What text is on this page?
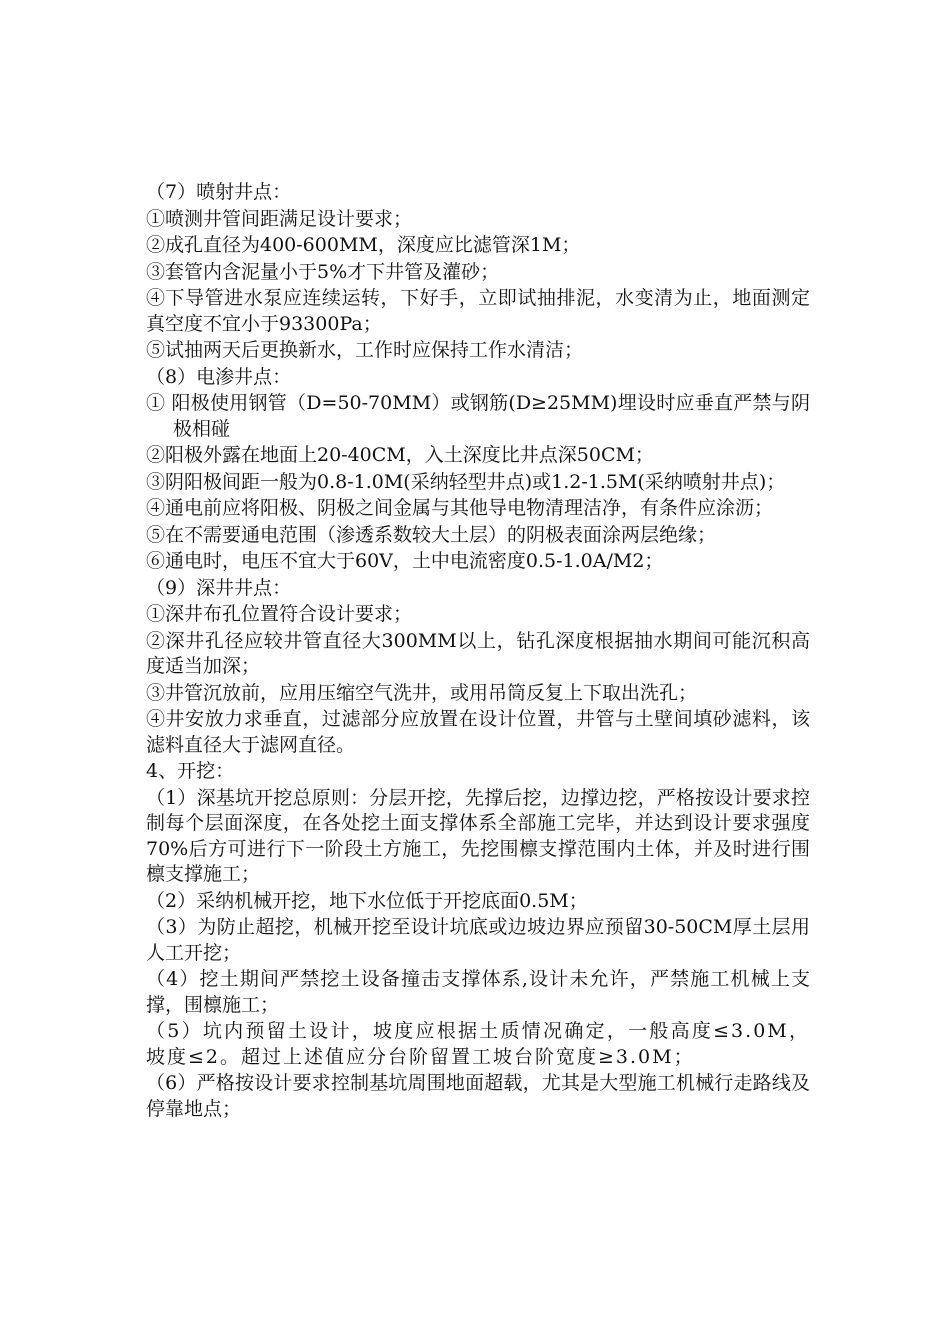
（7）喷射井点：

①喷测井管间距满足设计要求；

②成孔直径为400-600MM，深度应比滤管深1M；

③套管内含泥量小于5%才下井管及灌砂；

④下导管进水泵应连续运转，下好手，立即试抽排泥，水变清为止，地面测定真空度不宜小于93300Pa；

⑤试抽两天后更换新水，工作时应保持工作水清洁；

（8）电渗井点：

① 阳极使用钢管（D=50-70MM）或钢筋(D≥25MM)埋设时应垂直严禁与阴极相碰

②阳极外露在地面上20-40CM，入土深度比井点深50CM；

③阴阳极间距一般为0.8-1.0M(采纳轻型井点)或1.2-1.5M(采纳喷射井点)；

④通电前应将阳极、阴极之间金属与其他导电物清理洁净，有条件应涂沥；

⑤在不需要通电范围（渗透系数较大土层）的阴极表面涂两层绝缘；

⑥通电时，电压不宜大于60V，土中电流密度0.5-1.0A/M2；

（9）深井井点：

①深井布孔位置符合设计要求；

②深井孔径应较井管直径大300MM以上，钻孔深度根据抽水期间可能沉积高度适当加深；

③井管沉放前，应用压缩空气洗井，或用吊筒反复上下取出洗孔；

④井安放力求垂直，过滤部分应放置在设计位置，井管与土壁间填砂滤料，该滤料直径大于滤网直径。

4、开挖：

（1）深基坑开挖总原则：分层开挖，先撑后挖，边撑边挖，严格按设计要求控制每个层面深度，在各处挖土面支撑体系全部施工完毕，并达到设计要求强度70%后方可进行下一阶段土方施工，先挖围檩支撑范围内土体，并及时进行围檩支撑施工；

（2）采纳机械开挖，地下水位低于开挖底面0.5M；

（3）为防止超挖，机械开挖至设计坑底或边坡边界应预留30-50CM厚土层用人工开挖；

（4）挖土期间严禁挖土设备撞击支撑体系,设计未允许，严禁施工机械上支撑，围檩施工；

（5）坑内预留土设计，坡度应根据土质情况确定，一般高度≤3.0M，坡度≤2。超过上述值应分台阶留置工坡台阶宽度≥3.0M；

（6）严格按设计要求控制基坑周围地面超载，尤其是大型施工机械行走路线及停靠地点；
